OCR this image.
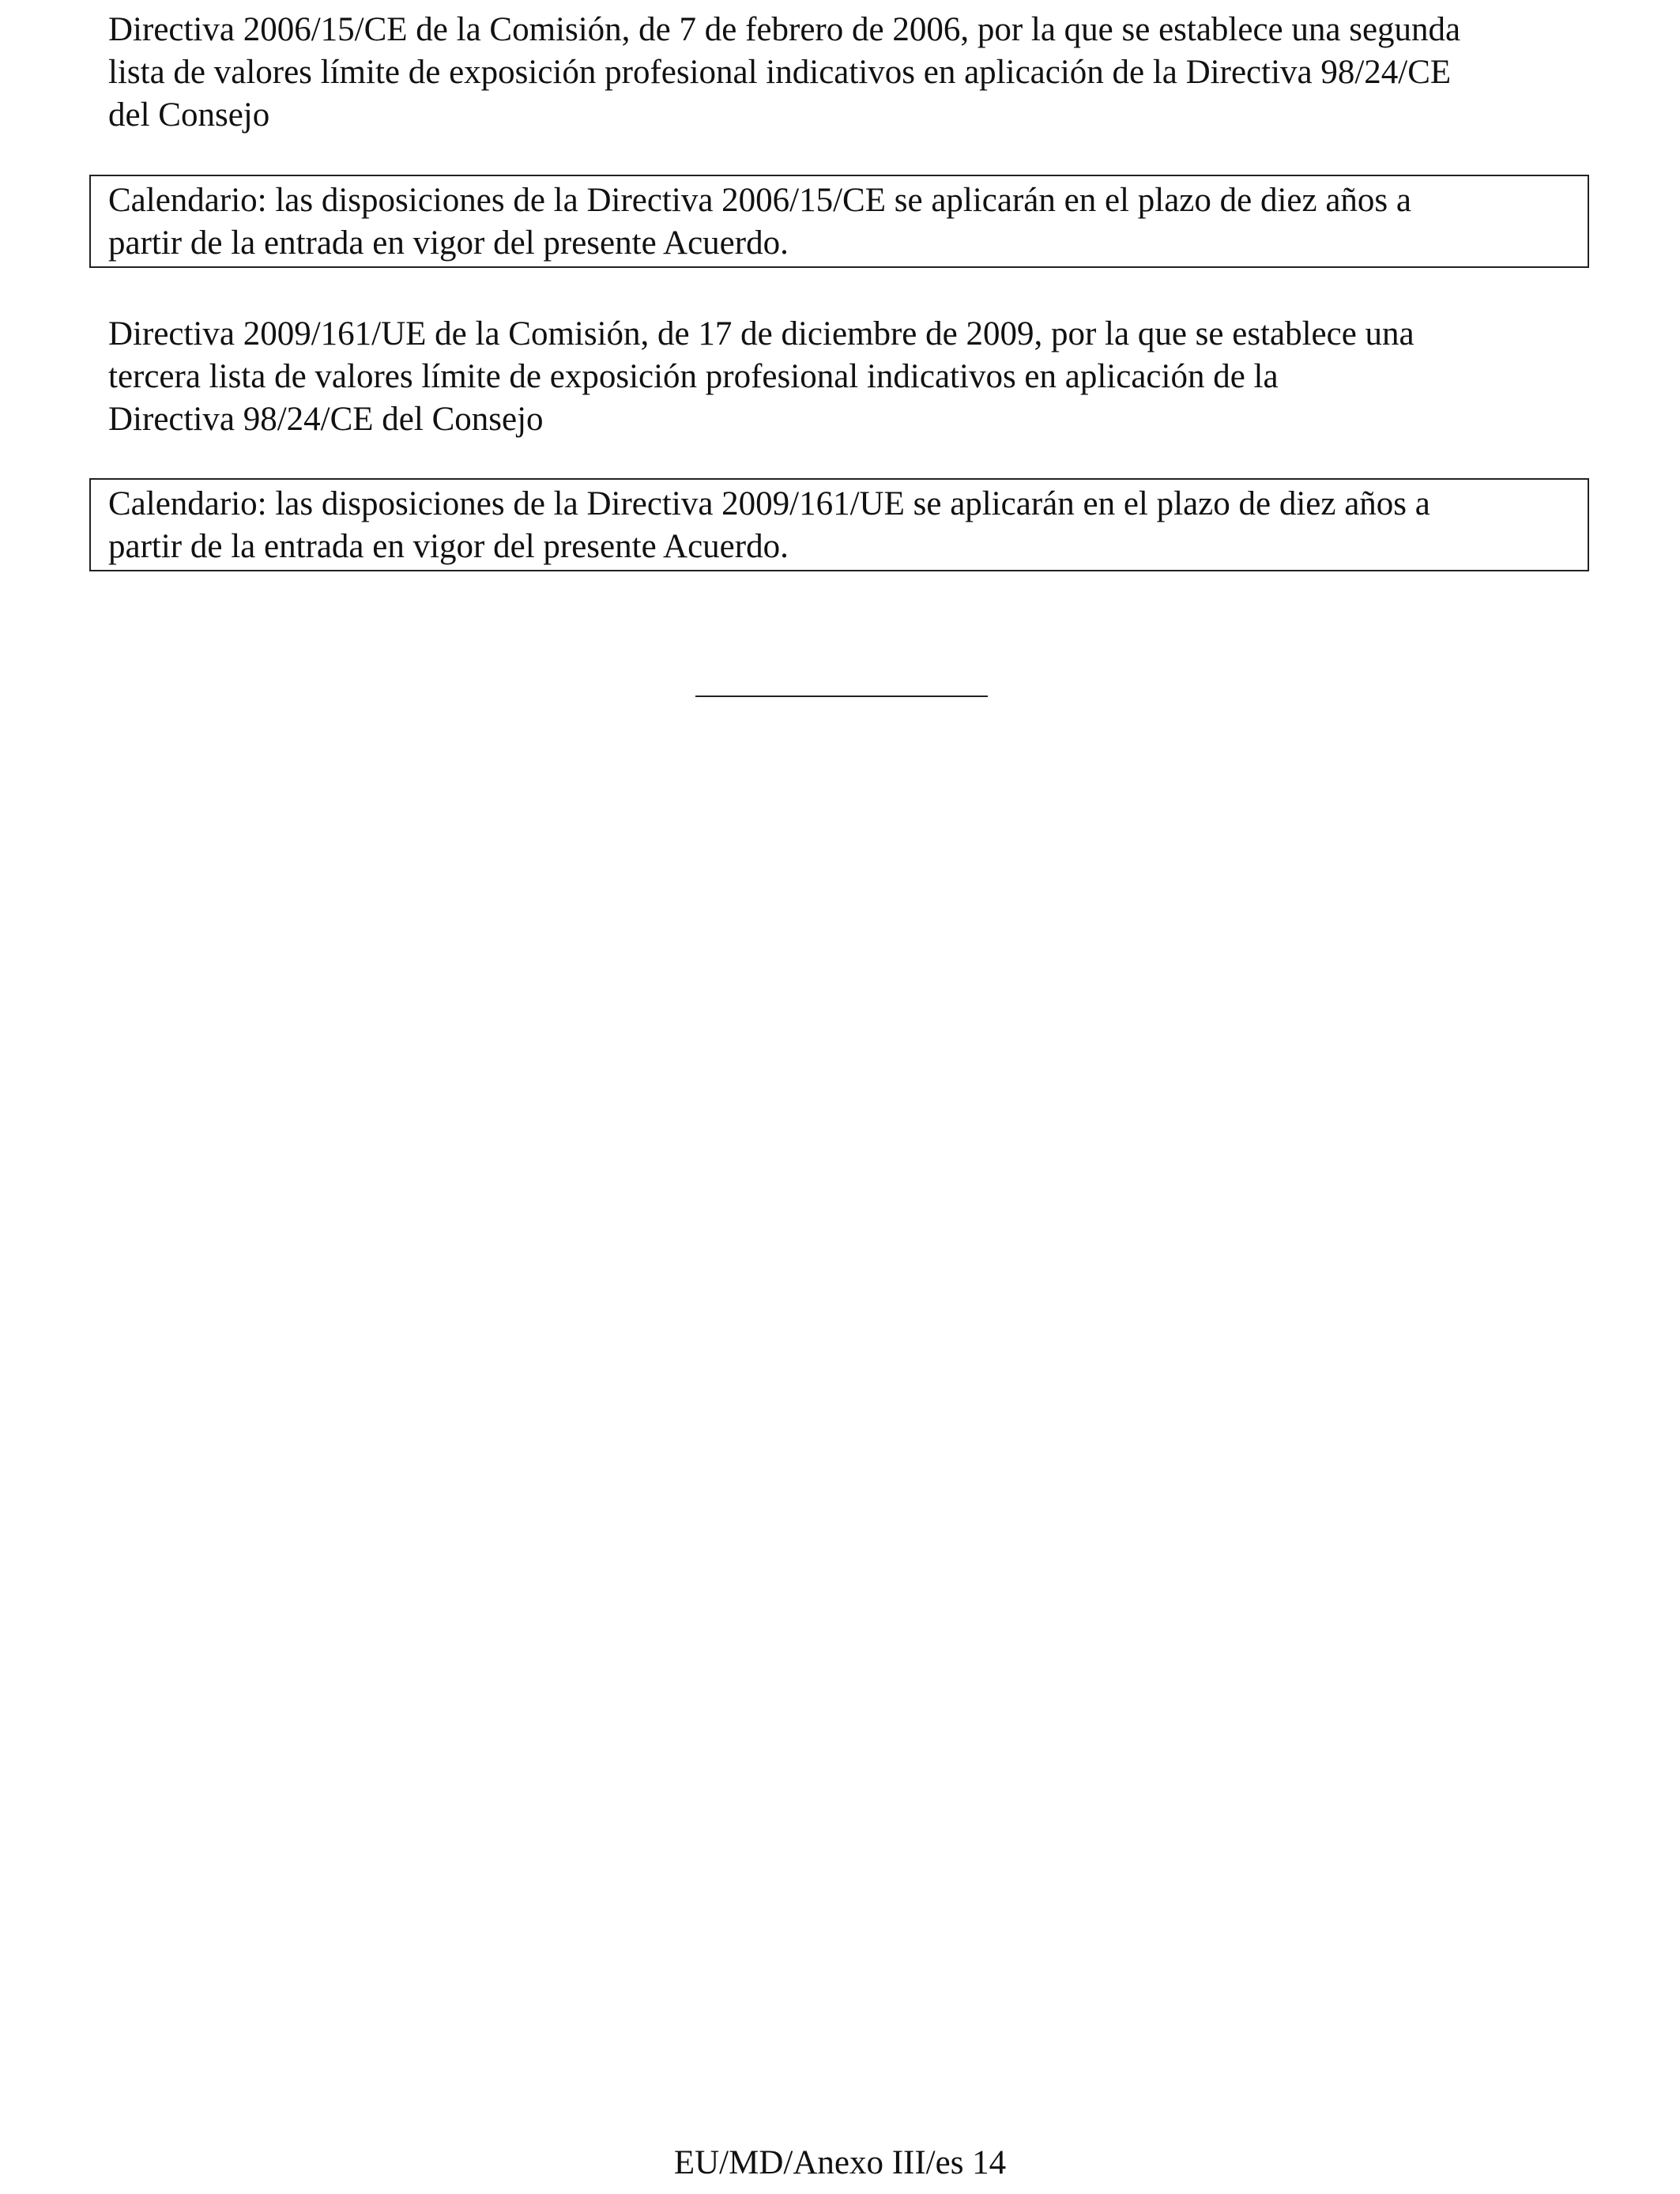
Directiva 2006/15/CE de la Comisión, de 7 de febrero de 2006, por la que se establece una segunda
lista de valores límite de exposición profesional indicativos en aplicación de la Directiva 98/24/CE
del Consejo
Calendario: las disposiciones de la Directiva 2006/15/CE se aplicarán en el plazo de diez años a
partir de la entrada en vigor del presente Acuerdo.
Directiva 2009/161/UE de la Comisión, de 17 de diciembre de 2009, por la que se establece una
tercera lista de valores límite de exposición profesional indicativos en aplicación de la
Directiva 98/24/CE del Consejo
Calendario: las disposiciones de la Directiva 2009/161/UE se aplicarán en el plazo de diez años a
partir de la entrada en vigor del presente Acuerdo.
EU/MD/Anexo III/es 14
